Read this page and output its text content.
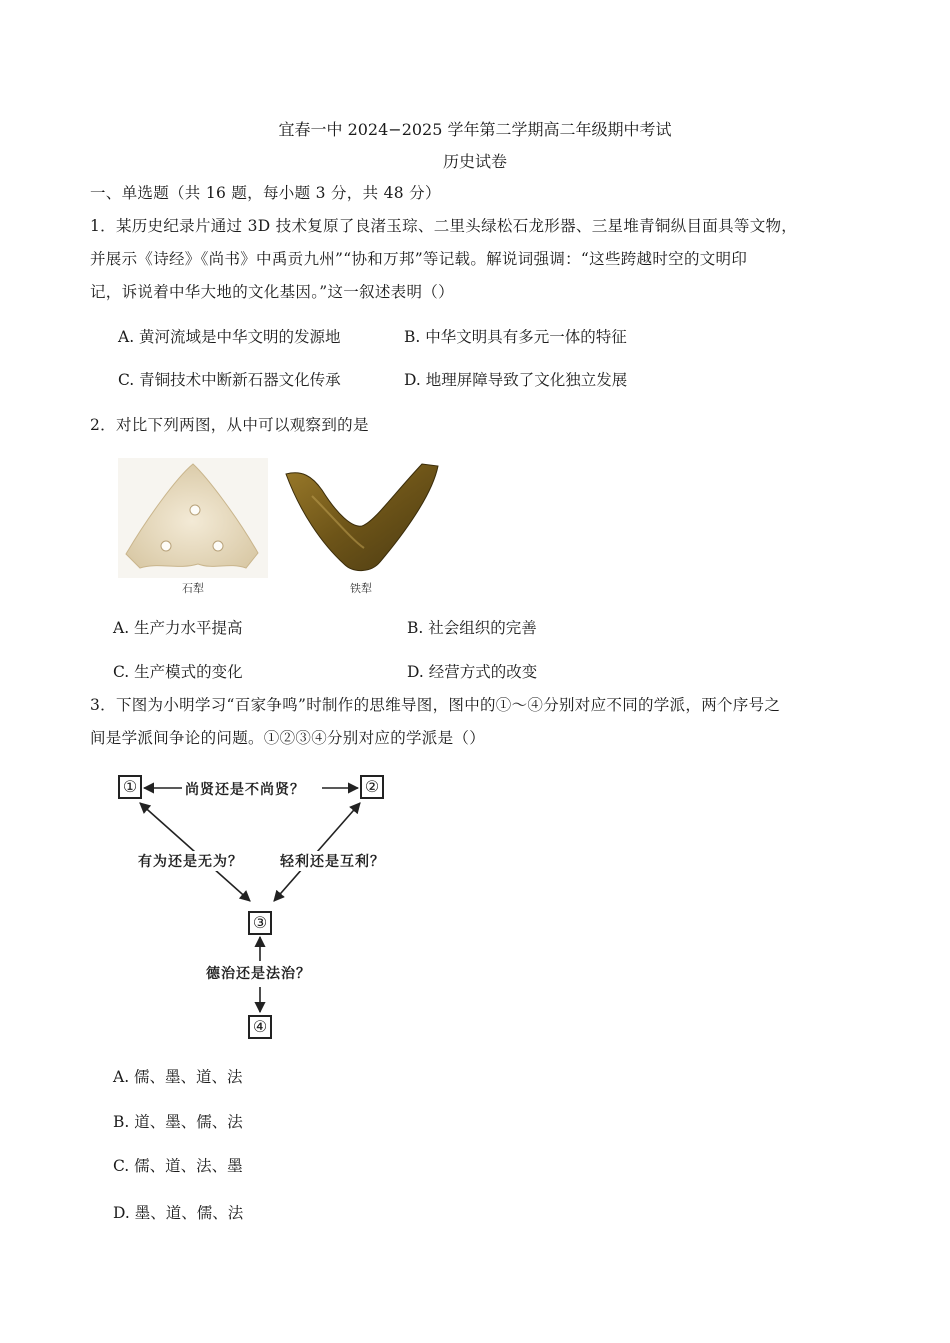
宜春一中 2024−2025 学年第二学期高二年级期中考试
历史试卷
一、单选题（共 16 题，每小题 3 分，共 48 分）
1．某历史纪录片通过 3D 技术复原了良渚玉琮、二里头绿松石龙形器、三星堆青铜纵目面具等文物，
并展示《诗经》《尚书》中禹贡九州”“协和万邦”等记载。解说词强调：“这些跨越时空的文明印
记，诉说着中华大地的文化基因。”这一叙述表明（）
A. 黄河流域是中华文明的发源地	B. 中华文明具有多元一体的特征
C. 青铜技术中断新石器文化传承	D. 地理屏障导致了文化独立发展
2．对比下列两图，从中可以观察到的是
石犁	铁犁
A. 生产力水平提高	B. 社会组织的完善
C. 生产模式的变化	D. 经营方式的改变
3．下图为小明学习“百家争鸣”时制作的思维导图，图中的①～④分别对应不同的学派，两个序号之
间是学派间争论的问题。①②③④分别对应的学派是（）
①	②
③
④
尚贤还是不尚贤？
有为还是无为？	轻利还是互利？
德治还是法治？
A. 儒、墨、道、法
B. 道、墨、儒、法
C. 儒、道、法、墨
D. 墨、道、儒、法
